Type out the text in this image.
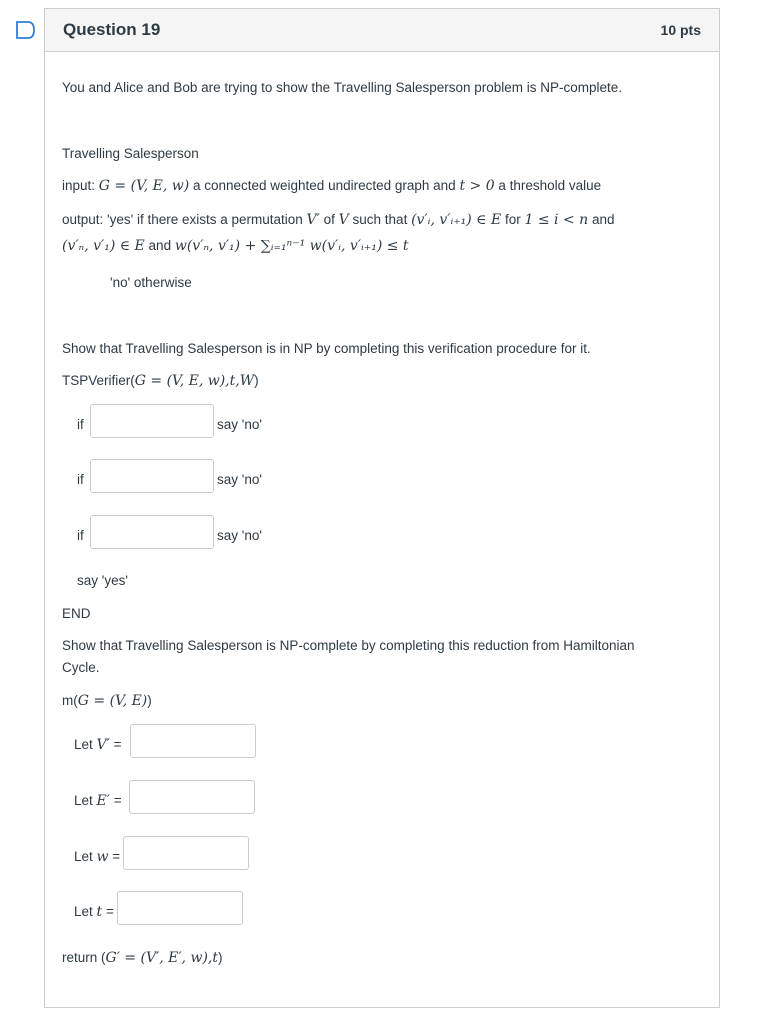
Question 19	10 pts
You and Alice and Bob are trying to show the Travelling Salesperson problem is NP-complete.
Travelling Salesperson
input: G = (V, E, w) a connected weighted undirected graph and t > 0 a threshold value
output: 'yes' if there exists a permutation V′ of V such that (v′ᵢ, v′ᵢ₊₁) ∈ E for 1 ≤ i < n and
(v′ₙ, v′₁) ∈ E and w(v′ₙ, v′₁) + ∑ᵢ₌₁ⁿ⁻¹ w(v′ᵢ, v′ᵢ₊₁) ≤ t
'no' otherwise
Show that Travelling Salesperson is in NP by completing this verification procedure for it.
TSPVerifier(G = (V, E, w),t,W)
if	say 'no'
if	say 'no'
if	say 'no'
say 'yes'
END
Show that Travelling Salesperson is NP-complete by completing this reduction from Hamiltonian
Cycle.
m(G = (V, E))
Let V′ =
Let E′ =
Let w =
Let t =
return (G′ = (V′, E′, w),t)
